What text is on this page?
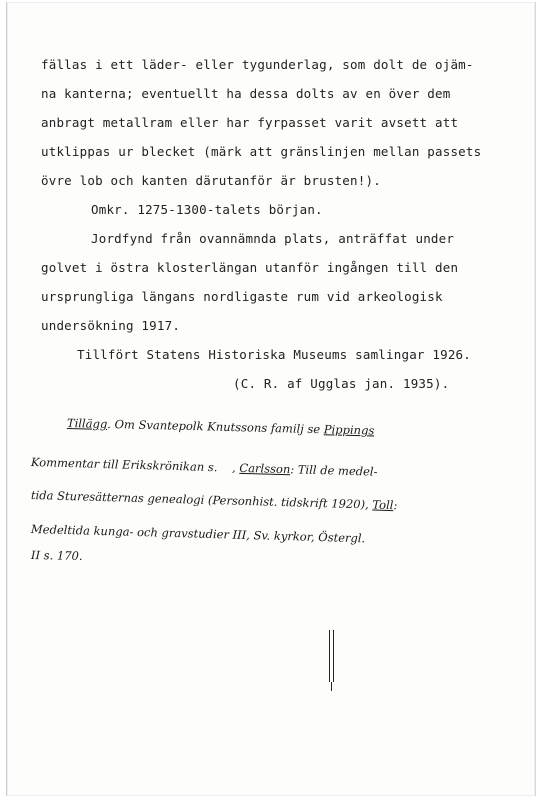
fällas i ett läder- eller tygunderlag, som dolt de ojäm-
na kanterna; eventuellt ha dessa dolts av en över dem
anbragt metallram eller har fyrpasset varit avsett att
utklippas ur blecket (märk att gränslinjen mellan passets
övre lob och kanten därutanför är brusten!).
Omkr. 1275-1300-talets början.
Jordfynd från ovannämnda plats, anträffat under
golvet i östra klosterlängan utanför ingången till den
ursprungliga längans nordligaste rum vid arkeologisk
undersökning 1917.
Tillfört Statens Historiska Museums samlingar 1926.
(C. R. af Ugglas jan. 1935).
Tillägg. Om Svantepolk Knutssons familj se Pippings
Kommentar till Erikskrönikan s.    , Carlsson: Till de medel-
tida Sturesätternas genealogi (Personhist. tidskrift 1920), Toll:
Medeltida kunga- och gravstudier III, Sv. kyrkor, Östergl.
II s. 170.
